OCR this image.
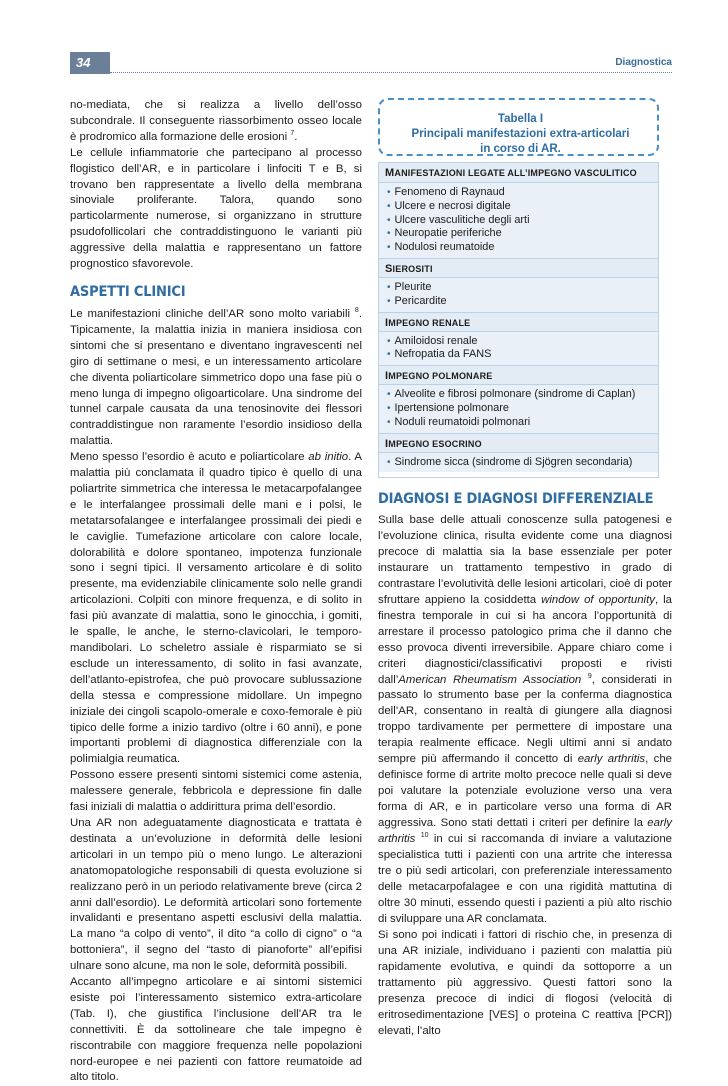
34	Diagnostica

no-mediata, che si realizza a livello dell’osso subcondrale. Il conseguente riassorbimento osseo locale è prodromico alla formazione delle erosioni $^7$.

Le cellule infiammatorie che partecipano al processo flogistico dell’AR, e in particolare i linfociti T e B, si trovano ben rappresentate a livello della membrana sinoviale proliferante. Talora, quando sono particolarmente numerose, si organizzano in strutture psudofollicolari che contraddistinguono le varianti più aggressive della malattia e rappresentano un fattore prognostico sfavorevole.

ASPETTI CLINICI

Le manifestazioni cliniche dell’AR sono molto variabili $^8$. Tipicamente, la malattia inizia in maniera insidiosa con sintomi che si presentano e diventano ingravescenti nel giro di settimane o mesi, e un interessamento articolare che diventa poliarticolare simmetrico dopo una fase più o meno lunga di impegno oligoarticolare. Una sindrome del tunnel carpale causata da una tenosinovite dei flessori contraddistingue non raramente l’esordio insidioso della malattia.

Meno spesso l’esordio è acuto e poliarticolare ab initio. A malattia più conclamata il quadro tipico è quello di una poliartrite simmetrica che interessa le metacarpofalangee e le interfalangee prossimali delle mani e i polsi, le metatarsofalangee e interfalangee prossimali dei piedi e le caviglie. Tumefazione articolare con calore locale, dolorabilità e dolore spontaneo, impotenza funzionale sono i segni tipici. Il versamento articolare è di solito presente, ma evidenziabile clinicamente solo nelle grandi articolazioni. Colpiti con minore frequenza, e di solito in fasi più avanzate di malattia, sono le ginocchia, i gomiti, le spalle, le anche, le sterno-clavicolari, le temporo-mandibolari. Lo scheletro assiale è risparmiato se si esclude un interessamento, di solito in fasi avanzate, dell’atlanto-epistrofea, che può provocare sublussazione della stessa e compressione midollare. Un impegno iniziale dei cingoli scapolo-omerale e coxo-femorale è più tipico delle forme a inizio tardivo (oltre i 60 anni), e pone importanti problemi di diagnostica differenziale con la polimialgia reumatica.

Possono essere presenti sintomi sistemici come astenia, malessere generale, febbricola e depressione fin dalle fasi iniziali di malattia o addirittura prima dell’esordio.

Una AR non adeguatamente diagnosticata e trattata è destinata a un’evoluzione in deformità delle lesioni articolari in un tempo più o meno lungo. Le alterazioni anatomopatologiche responsabili di questa evoluzione si realizzano però in un periodo relativamente breve (circa 2 anni dall’esordio). Le deformità articolari sono fortemente invalidanti e presentano aspetti esclusivi della malattia. La mano “a colpo di vento”, il dito “a collo di cigno” o “a bottoniera”, il segno del “tasto di pianoforte” all’epifisi ulnare sono alcune, ma non le sole, deformità possibili.

Accanto all’impegno articolare e ai sintomi sistemici esiste poi l’interessamento sistemico extra-articolare (Tab. I), che giustifica l’inclusione dell’AR tra le connettiviti. È da sottolineare che tale impegno è riscontrabile con maggiore frequenza nelle popolazioni nord-europee e nei pazienti con fattore reumatoide ad alto titolo.

Tabella I
Principali manifestazioni extra-articolari
in corso di AR.
MANIFESTAZIONI LEGATE ALL’IMPEGNO VASCULITICO
• Fenomeno di Raynaud
• Ulcere e necrosi digitale
• Ulcere vasculitiche degli arti
• Neuropatie periferiche
• Nodulosi reumatoide
SIEROSITI
• Pleurite
• Pericardite
IMPEGNO RENALE
• Amiloidosi renale
• Nefropatia da FANS
IMPEGNO POLMONARE
• Alveolite e fibrosi polmonare (sindrome di Caplan)
• Ipertensione polmonare
• Noduli reumatoidi polmonari
IMPEGNO ESOCRINO
• Sindrome sicca (sindrome di Sjögren secondaria)
DIAGNOSI E DIAGNOSI DIFFERENZIALE

Sulla base delle attuali conoscenze sulla patogenesi e l’evoluzione clinica, risulta evidente come una diagnosi precoce di malattia sia la base essenziale per poter instaurare un trattamento tempestivo in grado di contrastare l’evolutività delle lesioni articolari, cioè di poter sfruttare appieno la cosiddetta window of opportunity, la finestra temporale in cui si ha ancora l’opportunità di arrestare il processo patologico prima che il danno che esso provoca diventi irreversibile. Appare chiaro come i criteri diagnostici/classificativi proposti e rivisti dall’American Rheumatism Association $^9$, considerati in passato lo strumento base per la conferma diagnostica dell’AR, consentano in realtà di giungere alla diagnosi troppo tardivamente per permettere di impostare una terapia realmente efficace. Negli ultimi anni si andato sempre più affermando il concetto di early arthritis, che definisce forme di artrite molto precoce nelle quali si deve poi valutare la potenziale evoluzione verso una vera forma di AR, e in particolare verso una forma di AR aggressiva. Sono stati dettati i criteri per definire la early arthritis $^{10}$ in cui si raccomanda di inviare a valutazione specialistica tutti i pazienti con una artrite che interessa tre o più sedi articolari, con preferenziale interessamento delle metacarpofalagee e con una rigidità mattutina di oltre 30 minuti, essendo questi i pazienti a più alto rischio di sviluppare una AR conclamata.

Si sono poi indicati i fattori di rischio che, in presenza di una AR iniziale, individuano i pazienti con malattia più rapidamente evolutiva, e quindi da sottoporre a un trattamento più aggressivo. Questi fattori sono la presenza precoce di indici di flogosi (velocità di eritrosedimentazione [VES] o proteina C reattiva [PCR]) elevati, l’alto
